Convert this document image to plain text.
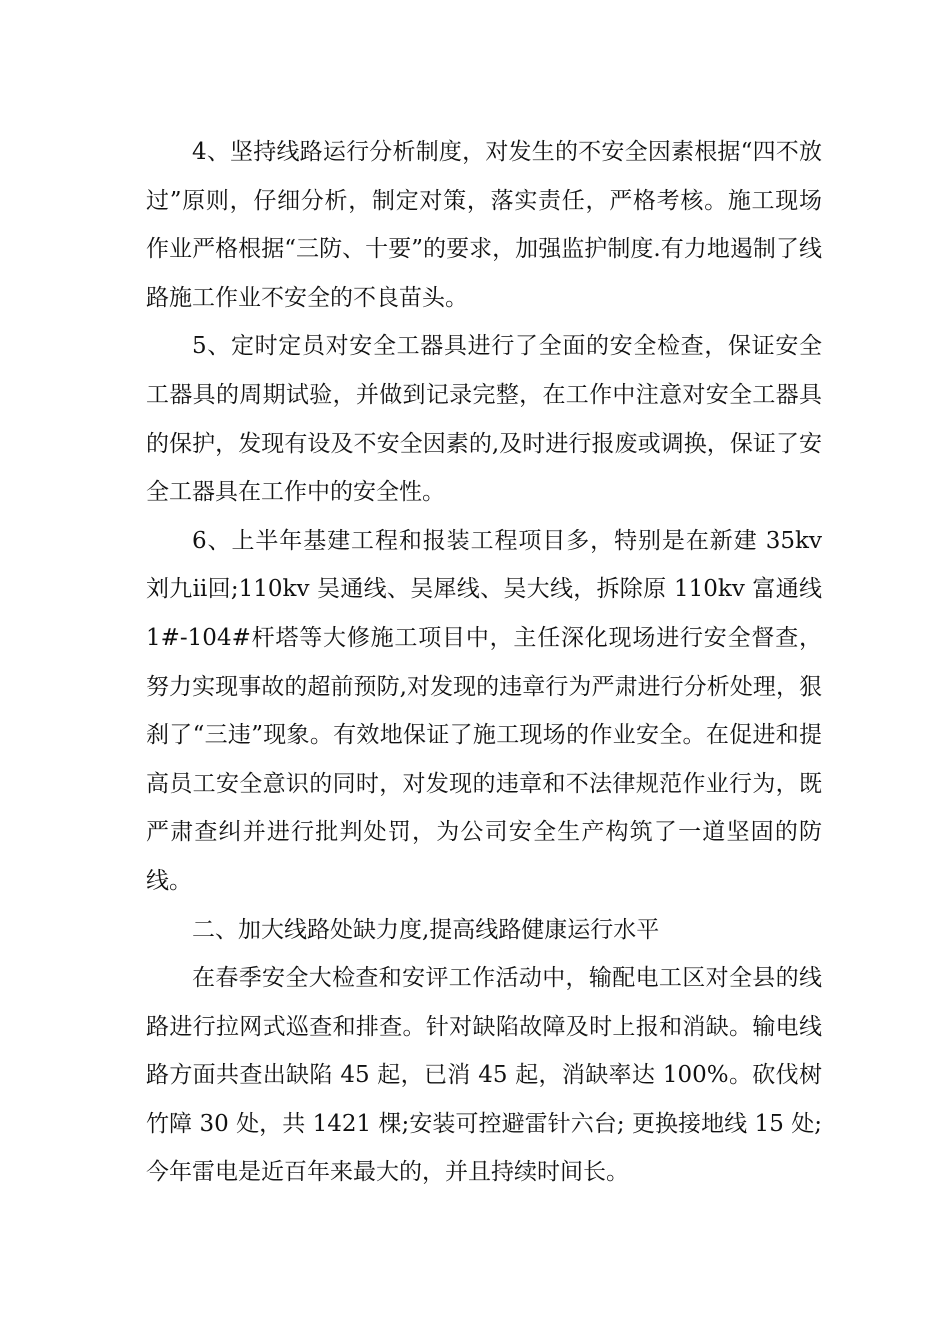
4、坚持线路运行分析制度，对发生的不安全因素根据“四不放过”原则，仔细分析，制定对策，落实责任，严格考核。施工现场作业严格根据“三防、十要”的要求，加强监护制度.有力地遏制了线路施工作业不安全的不良苗头。

5、定时定员对安全工器具进行了全面的安全检查，保证安全工器具的周期试验，并做到记录完整，在工作中注意对安全工器具的保护，发现有设及不安全因素的,及时进行报废或调换，保证了安全工器具在工作中的安全性。

6、上半年基建工程和报装工程项目多，特别是在新建 35kv 刘九ⅱ回;110kv 吴通线、吴犀线、吴大线，拆除原 110kv 富通线 1#-104#杆塔等大修施工项目中，主任深化现场进行安全督查，努力实现事故的超前预防,对发现的违章行为严肃进行分析处理，狠刹了“三违”现象。有效地保证了施工现场的作业安全。在促进和提高员工安全意识的同时，对发现的违章和不法律规范作业行为，既严肃查纠并进行批判处罚，为公司安全生产构筑了一道坚固的防线。

二、加大线路处缺力度,提高线路健康运行水平

在春季安全大检查和安评工作活动中，输配电工区对全县的线路进行拉网式巡查和排查。针对缺陷故障及时上报和消缺。输电线路方面共查出缺陷 45 起，已消 45 起，消缺率达 100%。砍伐树竹障 30 处，共 1421 棵;安装可控避雷针六台; 更换接地线 15 处; 今年雷电是近百年来最大的，并且持续时间长。
